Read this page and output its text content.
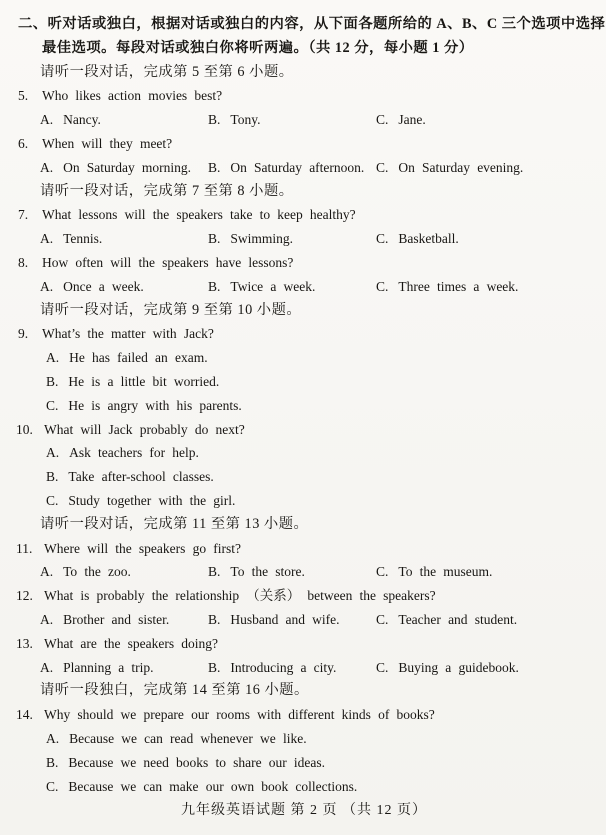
二、听对话或独白，根据对话或独白的内容，从下面各题所给的 A、B、C 三个选项中选择
最佳选项。每段对话或独白你将听两遍。（共 12 分，每小题 1 分）
请听一段对话，完成第 5 至第 6 小题。
5.	Who likes action movies best?
A. Nancy.	B. Tony.	C. Jane.
6.	When will they meet?
A. On Saturday morning. B. On Saturday afternoon. C. On Saturday evening.
请听一段对话，完成第 7 至第 8 小题。
7.	What lessons will the speakers take to keep healthy?
A. Tennis.	B. Swimming.	C. Basketball.
8.	How often will the speakers have lessons?
A. Once a week.	B. Twice a week.	C. Three times a week.
请听一段对话，完成第 9 至第 10 小题。
9.	What’s the matter with Jack?
A. He has failed an exam.
B. He is a little bit worried.
C. He is angry with his parents.
10. What will Jack probably do next?
A. Ask teachers for help.
B. Take after-school classes.
C. Study together with the girl.
请听一段对话，完成第 11 至第 13 小题。
11. Where will the speakers go first?
A. To the zoo.	B. To the store.	C. To the museum.
12. What is probably the relationship （关系） between the speakers?
A. Brother and sister.	B. Husband and wife.	C. Teacher and student.
13. What are the speakers doing?
A. Planning a trip.	B. Introducing a city.	C. Buying a guidebook.
请听一段独白，完成第 14 至第 16 小题。
14. Why should we prepare our rooms with different kinds of books?
A. Because we can read whenever we like.
B. Because we need books to share our ideas.
C. Because we can make our own book collections.
九年级英语试题 第 2 页 （共 12 页）
